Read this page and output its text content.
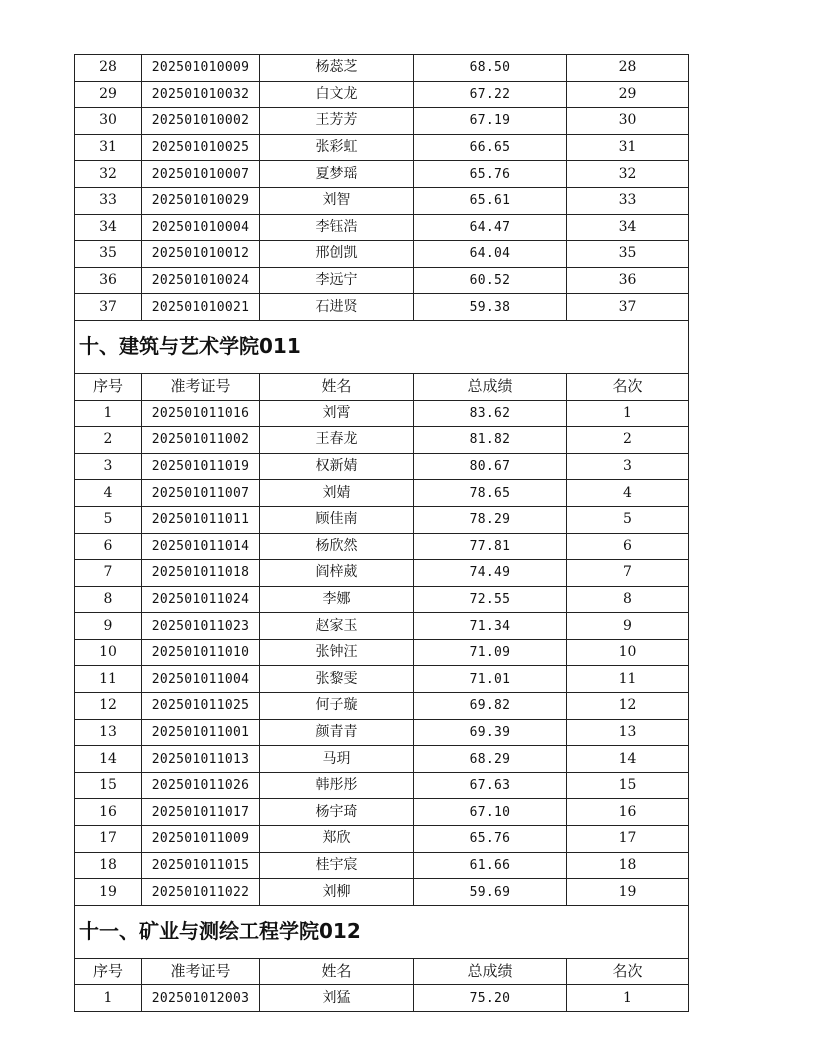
28	202501010009	杨蕊芝	68.50	28
29	202501010032	白文龙	67.22	29
30	202501010002	王芳芳	67.19	30
31	202501010025	张彩虹	66.65	31
32	202501010007	夏梦瑶	65.76	32
33	202501010029	刘智	65.61	33
34	202501010004	李钰浩	64.47	34
35	202501010012	邢创凯	64.04	35
36	202501010024	李远宁	60.52	36
37	202501010021	石进贤	59.38	37
十、建筑与艺术学院011				
序号	准考证号	姓名	总成绩	名次
1	202501011016	刘霄	83.62	1
2	202501011002	王春龙	81.82	2
3	202501011019	权新婧	80.67	3
4	202501011007	刘婧	78.65	4
5	202501011011	顾佳南	78.29	5
6	202501011014	杨欣然	77.81	6
7	202501011018	阎梓葳	74.49	7
8	202501011024	李娜	72.55	8
9	202501011023	赵家玉	71.34	9
10	202501011010	张钟汪	71.09	10
11	202501011004	张黎雯	71.01	11
12	202501011025	何子璇	69.82	12
13	202501011001	颜青青	69.39	13
14	202501011013	马玥	68.29	14
15	202501011026	韩彤彤	67.63	15
16	202501011017	杨宇琦	67.10	16
17	202501011009	郑欣	65.76	17
18	202501011015	桂宇宸	61.66	18
19	202501011022	刘柳	59.69	19
十一、矿业与测绘工程学院012				
序号	准考证号	姓名	总成绩	名次
1	202501012003	刘猛	75.20	1
